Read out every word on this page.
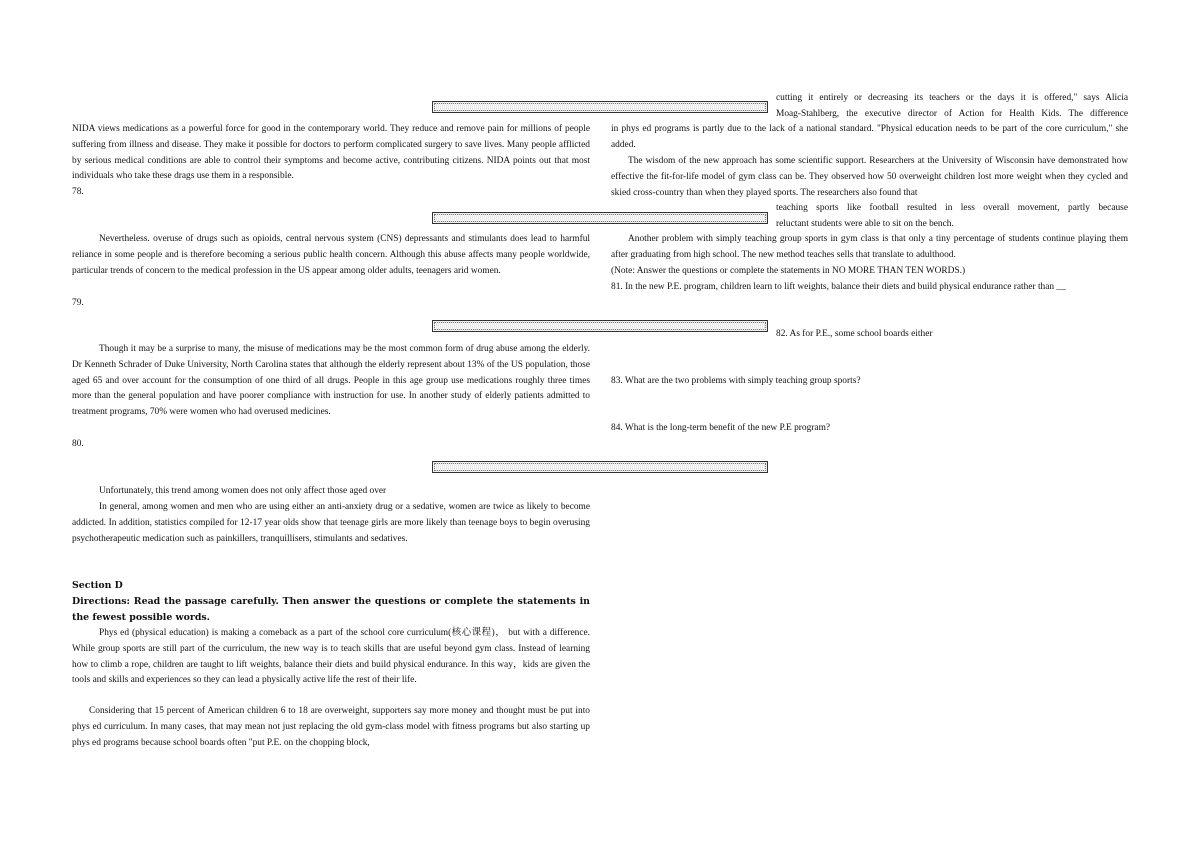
NIDA views medications as a powerful force for good in the contemporary world. They reduce and remove pain for millions of people suffering from illness and disease. They make it possible for doctors to perform complicated surgery to save lives. Many people afflicted by serious medical conditions are able to control their symptoms and become active, contributing citizens. NIDA points out that most individuals who take these drags use them in a responsible.

78.

Nevertheless. overuse of drugs such as opioids, central nervous system (CNS) depressants and stimulants does lead to harmful reliance in some people and is therefore becoming a serious public health concern. Although this abuse affects many people worldwide, particular trends of concern to the medical profession in the US appear among older adults, teenagers arid women.

79.

Though it may be a surprise to many, the misuse of medications may be the most common form of drug abuse among the elderly. Dr Kenneth Schrader of Duke University, North Carolina states that although the elderly represent about 13% of the US population, those aged 65 and over account for the consumption of one third of all drugs. People in this age group use medications roughly three times more than the general population and have poorer compliance with instruction for use. In another study of elderly patients admitted to treatment programs, 70% were women who had overused medicines.

80.

Unfortunately, this trend among women does not only affect those aged over

In general, among women and men who are using either an anti-anxiety drug or a sedative, women are twice as likely to become addicted. In addition, statistics compiled for 12-17 year olds show that teenage girls are more likely than teenage boys to begin overusing psychotherapeutic medication such as painkillers, tranquillisers, stimulants and sedatives.

Section D

Directions: Read the passage carefully. Then answer the questions or complete the statements in the fewest possible words.

Phys ed (physical education) is making a comeback as a part of the school core curriculum(核心课程)， but with a difference. While group sports are still part of the curriculum, the new way is to teach skills that are useful beyond gym class. Instead of learning how to climb a rope, children are taught to lift weights, balance their diets and build physical endurance. In this way，kids are given the tools and skills and experiences so they can lead a physically active life the rest of their life.

Considering that 15 percent of American children 6 to 18 are overweight, supporters say more money and thought must be put into phys ed curriculum. In many cases, that may mean not just replacing the old gym-class model with fitness programs but also starting up phys ed programs because school boards often "put P.E. on the chopping block,

cutting it entirely or decreasing its teachers or the days it is offered," says Alicia

Moag-Stahlberg, the executive director of Action for Health Kids. The difference

in phys ed programs is partly due to the lack of a national standard. "Physical education needs to be part of the core curriculum," she added.

The wisdom of the new approach has some scientific support. Researchers at the University of Wisconsin have demonstrated how effective the fit-for-life model of gym class can be. They observed how 50 overweight children lost more weight when they cycled and skied cross-country than when they played sports. The researchers also found that

teaching sports like football resulted in less overall movement, partly because

reluctant students were able to sit on the bench.

Another problem with simply teaching group sports in gym class is that only a tiny percentage of students continue playing them after graduating from high school. The new method teaches sells that translate to adulthood.

(Note: Answer the questions or complete the statements in NO MORE THAN TEN WORDS.)

81. In the new P.E. program, children learn to lift weights, balance their diets and build physical endurance rather than __

82. As for P.E., some school boards either

83. What are the two problems with simply teaching group sports?

84. What is the long-term benefit of the new P.E program?
